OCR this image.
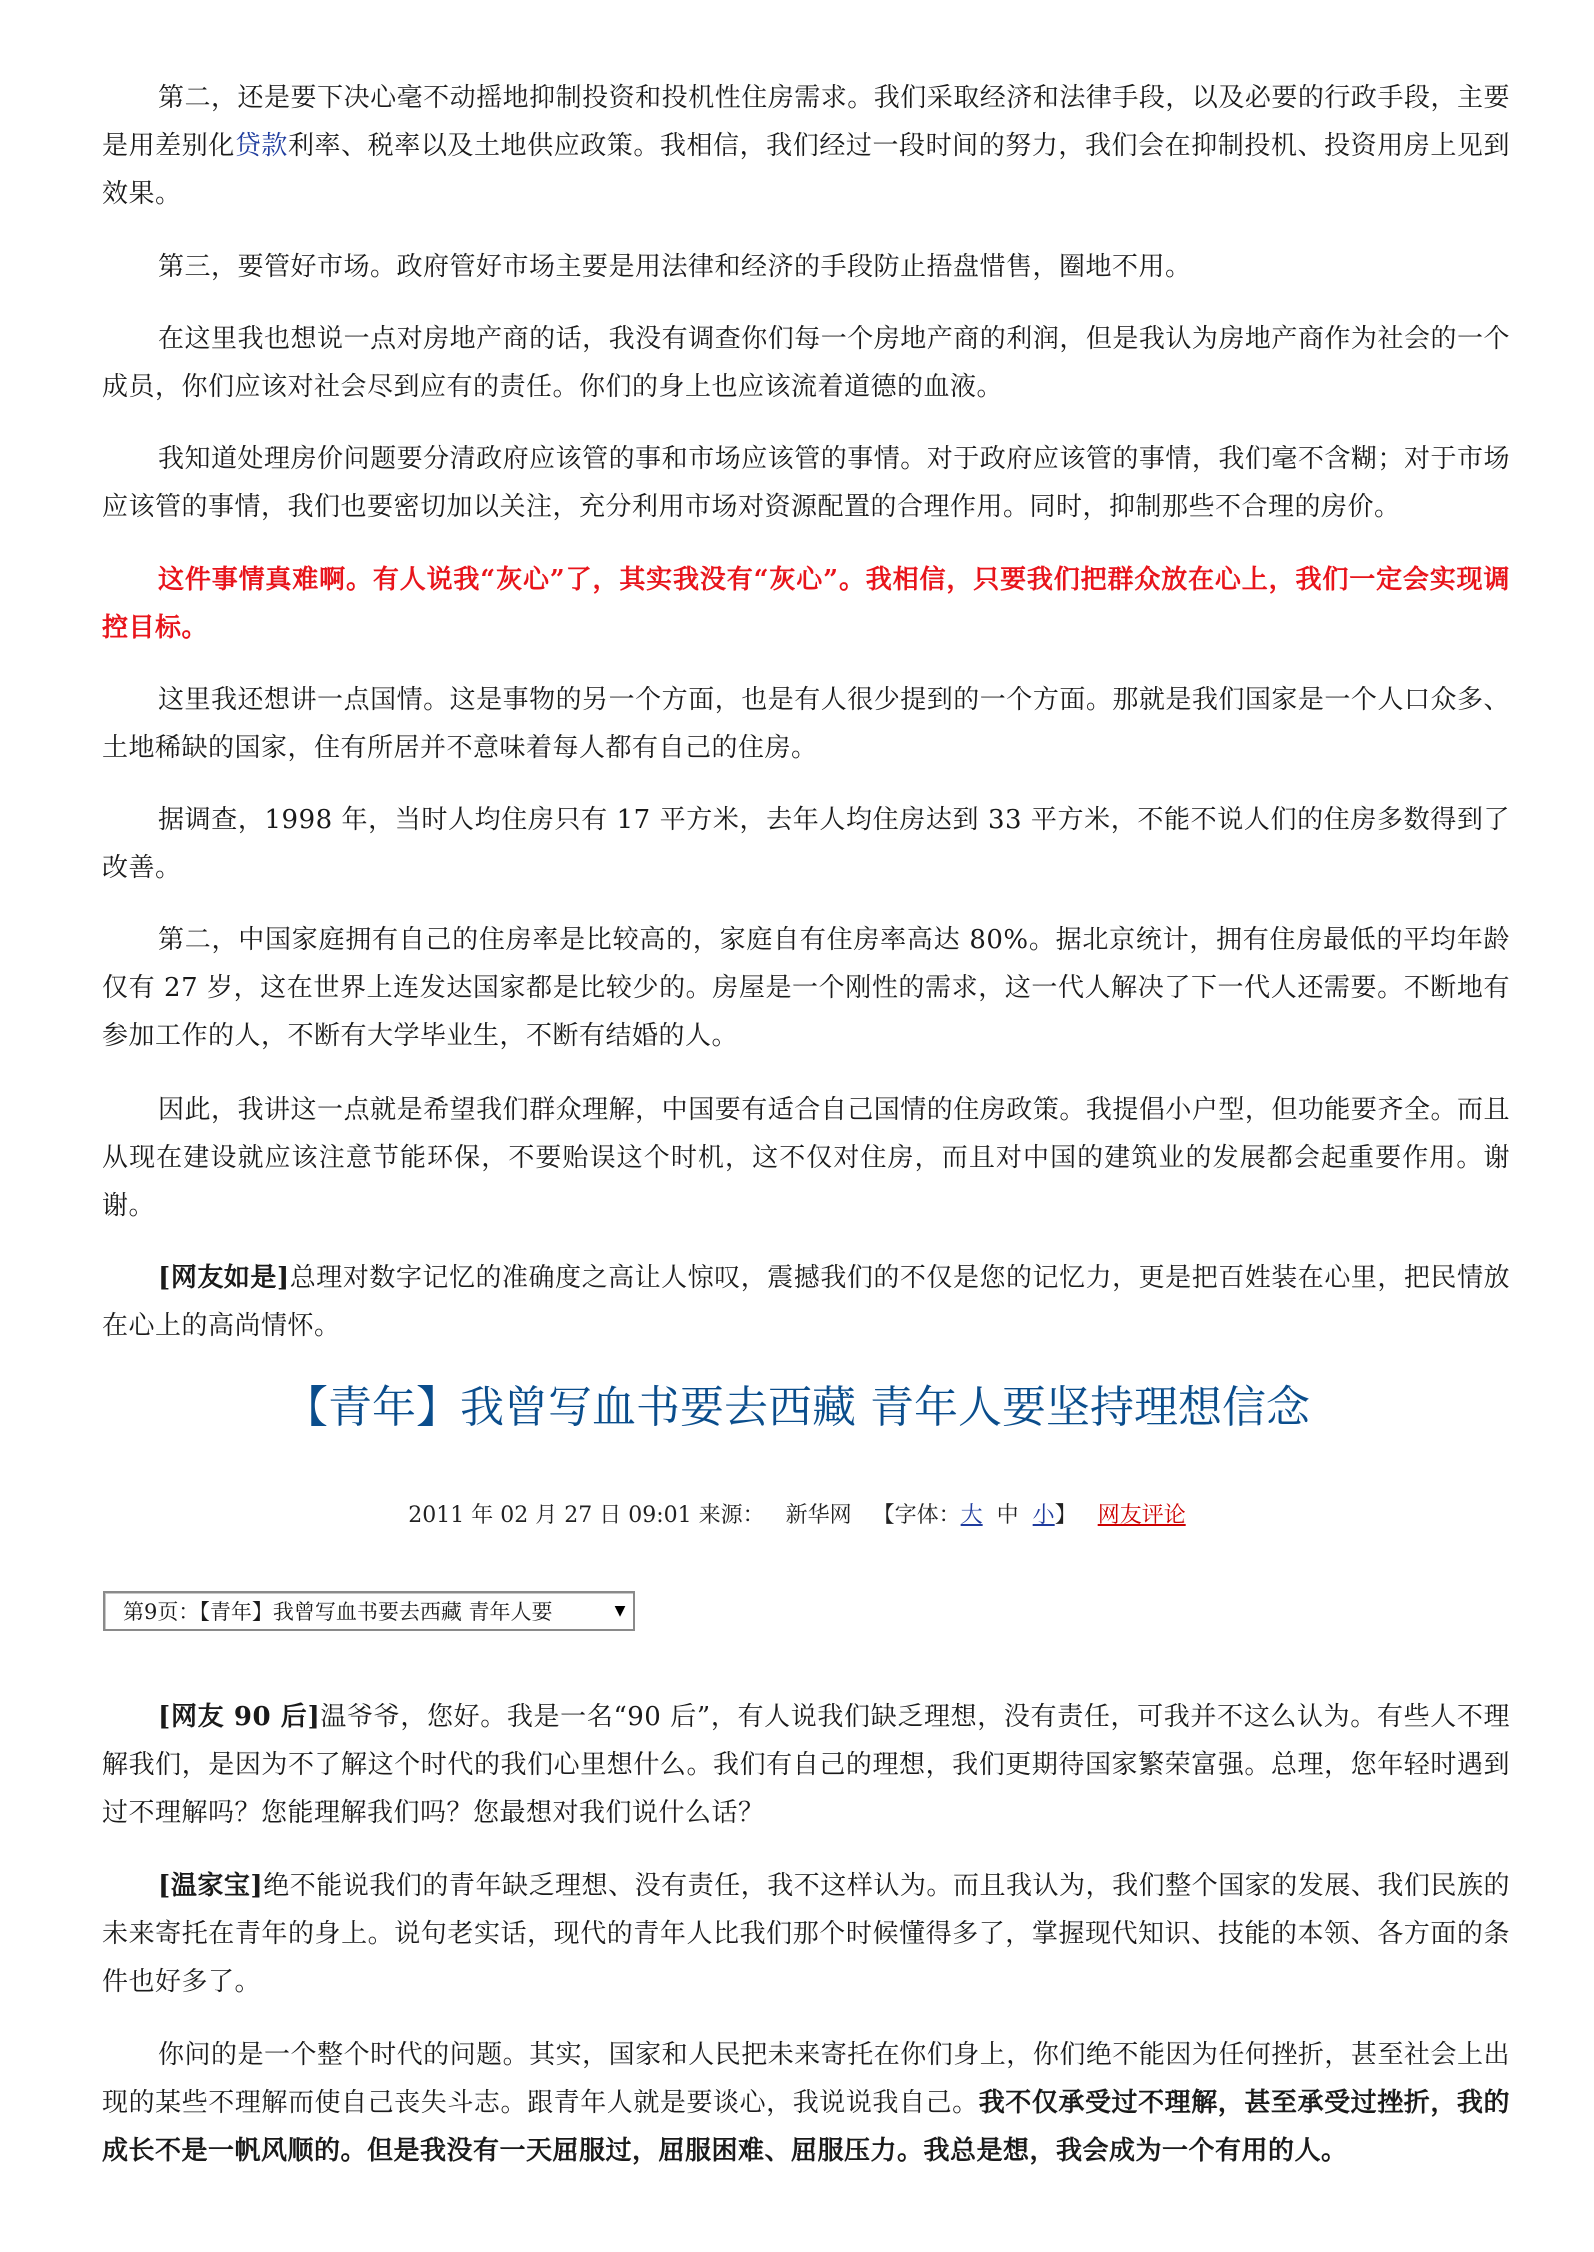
第二，还是要下决心毫不动摇地抑制投资和投机性住房需求。我们采取经济和法律手段，以及必要的行政手段，主要是用差别化贷款利率、税率以及土地供应政策。我相信，我们经过一段时间的努力，我们会在抑制投机、投资用房上见到效果。

第三，要管好市场。政府管好市场主要是用法律和经济的手段防止捂盘惜售，圈地不用。

在这里我也想说一点对房地产商的话，我没有调查你们每一个房地产商的利润，但是我认为房地产商作为社会的一个成员，你们应该对社会尽到应有的责任。你们的身上也应该流着道德的血液。

我知道处理房价问题要分清政府应该管的事和市场应该管的事情。对于政府应该管的事情，我们毫不含糊；对于市场应该管的事情，我们也要密切加以关注，充分利用市场对资源配置的合理作用。同时，抑制那些不合理的房价。

这件事情真难啊。有人说我“灰心”了，其实我没有“灰心”。我相信，只要我们把群众放在心上，我们一定会实现调控目标。

这里我还想讲一点国情。这是事物的另一个方面，也是有人很少提到的一个方面。那就是我们国家是一个人口众多、土地稀缺的国家，住有所居并不意味着每人都有自己的住房。

据调查，1998 年，当时人均住房只有 17 平方米，去年人均住房达到 33 平方米，不能不说人们的住房多数得到了改善。

第二，中国家庭拥有自己的住房率是比较高的，家庭自有住房率高达 80%。据北京统计，拥有住房最低的平均年龄仅有 27 岁，这在世界上连发达国家都是比较少的。房屋是一个刚性的需求，这一代人解决了下一代人还需要。不断地有参加工作的人，不断有大学毕业生，不断有结婚的人。

因此，我讲这一点就是希望我们群众理解，中国要有适合自己国情的住房政策。我提倡小户型，但功能要齐全。而且从现在建设就应该注意节能环保，不要贻误这个时机，这不仅对住房，而且对中国的建筑业的发展都会起重要作用。谢谢。

[网友如是]总理对数字记忆的准确度之高让人惊叹，震撼我们的不仅是您的记忆力，更是把百姓装在心里，把民情放在心上的高尚情怀。

【青年】我曾写血书要去西藏 青年人要坚持理想信念
2011 年 02 月 27 日 09:01 来源： 新华网 【字体：大 中 小】 网友评论
第9页：【青年】我曾写血书要去西藏 青年人要	▼

[网友 90 后]温爷爷，您好。我是一名“90 后”，有人说我们缺乏理想，没有责任，可我并不这么认为。有些人不理解我们，是因为不了解这个时代的我们心里想什么。我们有自己的理想，我们更期待国家繁荣富强。总理，您年轻时遇到过不理解吗？您能理解我们吗？您最想对我们说什么话？

[温家宝]绝不能说我们的青年缺乏理想、没有责任，我不这样认为。而且我认为，我们整个国家的发展、我们民族的未来寄托在青年的身上。说句老实话，现代的青年人比我们那个时候懂得多了，掌握现代知识、技能的本领、各方面的条件也好多了。

你问的是一个整个时代的问题。其实，国家和人民把未来寄托在你们身上，你们绝不能因为任何挫折，甚至社会上出现的某些不理解而使自己丧失斗志。跟青年人就是要谈心，我说说我自己。我不仅承受过不理解，甚至承受过挫折，我的成长不是一帆风顺的。但是我没有一天屈服过，屈服困难、屈服压力。我总是想，我会成为一个有用的人。
